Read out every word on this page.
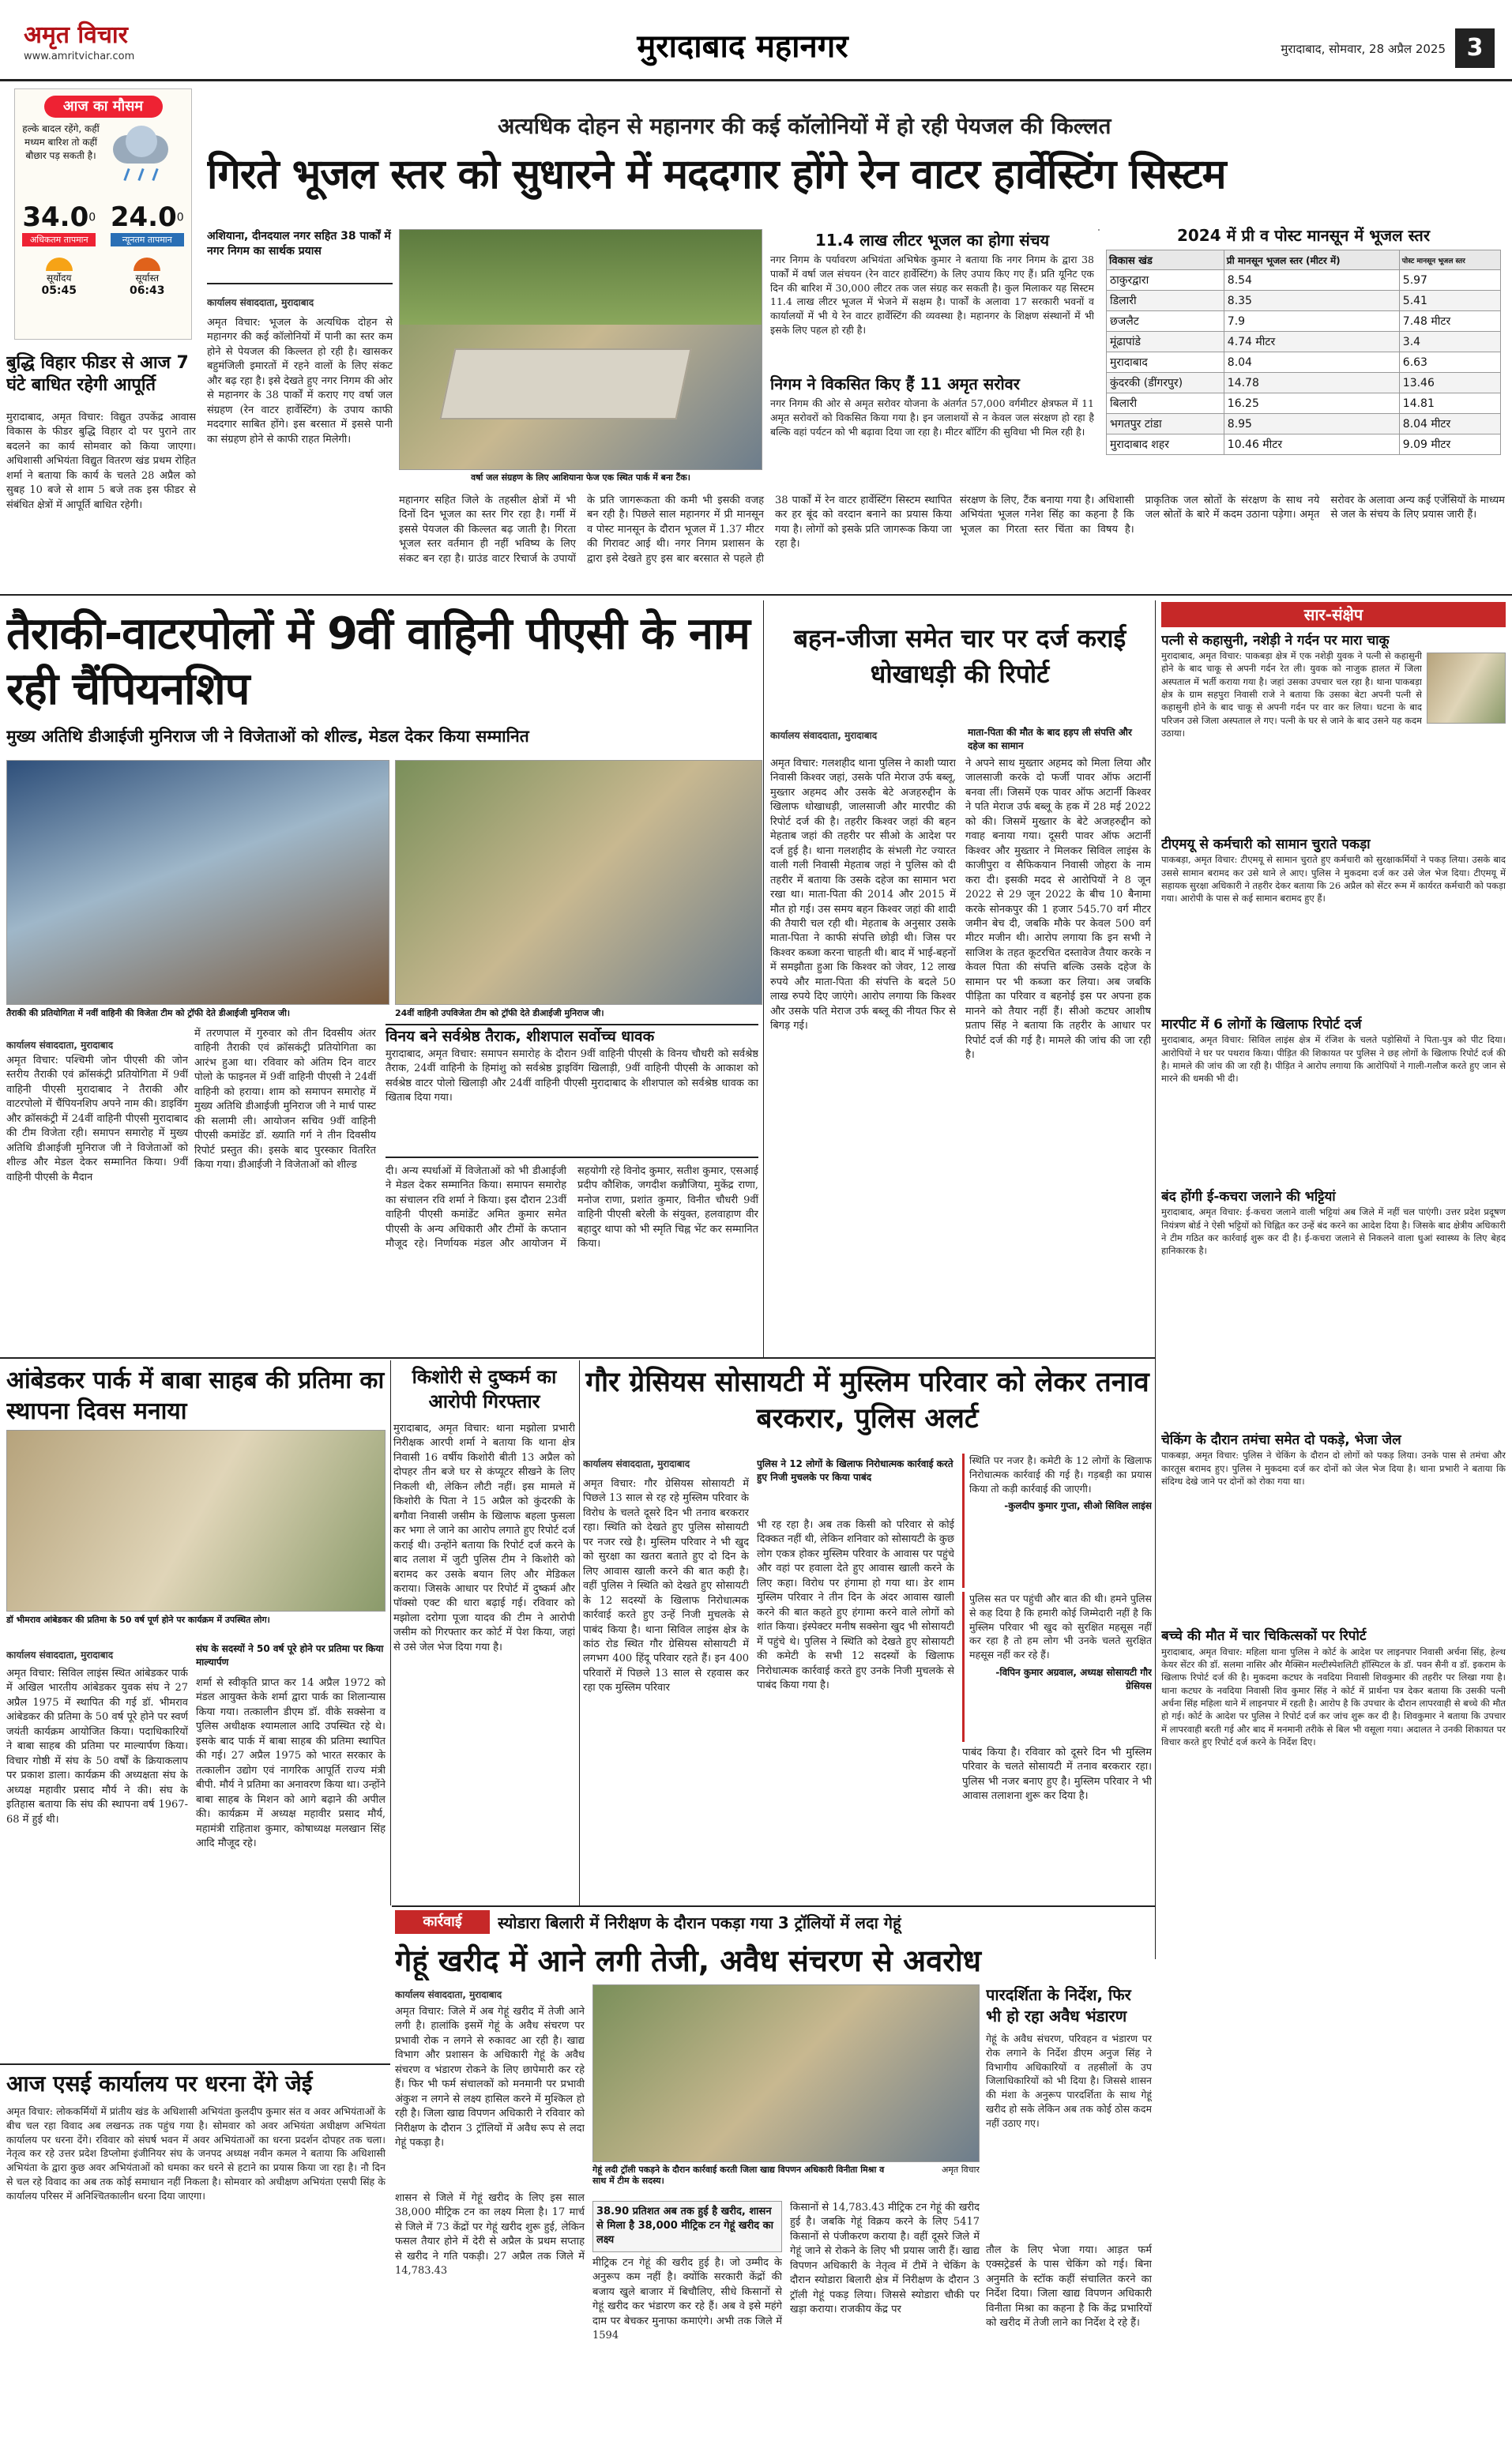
अमृत विचार
www.amritvichar.com	मुरादाबाद महानगर	मुरादाबाद, सोमवार, 28 अप्रैल 2025 3
आज का मौसम
हल्के बादल रहेंगे, कहीं मध्यम बारिश तो कहीं बौछार पड़ सकती है।
34.0$^0$
अधिकतम तापमान
24.0$^0$
न्यूनतम तापमान
सूर्योदय
05:45
सूर्यास्त
06:43
अत्यधिक दोहन से महानगर की कई कॉलोनियों में हो रही पेयजल की किल्लत
गिरते भूजल स्तर को सुधारने में मददगार होंगे रेन वाटर हार्वेस्टिंग सिस्टम
अशियाना, दीनदयाल नगर सहित 38 पार्कों में नगर निगम का सार्थक प्रयास
कार्यालय संवाददाता, मुरादाबाद
अमृत विचार: भूजल के अत्यधिक दोहन से महानगर की कई कॉलोनियों में पानी का स्तर कम होने से पेयजल की किल्लत हो रही है। खासकर बहुमंजिली इमारतों में रहने वालों के लिए संकट और बढ़ रहा है। इसे देखते हुए नगर निगम की ओर से महानगर के 38 पार्कों में कराए गए वर्षा जल संग्रहण (रेन वाटर हार्वेस्टिंग) के उपाय काफी मददगार साबित होंगे। इस बरसात में इससे पानी का संग्रहण होने से काफी राहत मिलेगी।
वर्षा जल संग्रहण के लिए आशियाना फेज एक स्थित पार्क में बना टैंक।
महानगर सहित जिले के तहसील क्षेत्रों में भी दिनों दिन भूजल का स्तर गिर रहा है। गर्मी में इससे पेयजल की किल्लत बढ़ जाती है। गिरता भूजल स्तर वर्तमान ही नहीं भविष्य के लिए संकट बन रहा है। ग्राउंड वाटर रिचार्ज के उपायों के प्रति जागरूकता की कमी भी इसकी वजह बन रही है। पिछले साल महानगर में प्री मानसून व पोस्ट मानसून के दौरान भूजल में 1.37 मीटर की गिरावट आई थी। नगर निगम प्रशासन के द्वारा इसे देखते हुए इस बार बरसात से पहले ही 38 पार्कों में रेन वाटर हार्वेस्टिंग सिस्टम स्थापित कर हर बूंद को वरदान बनाने का प्रयास किया गया है। लोगों को इसके प्रति जागरूक किया जा रहा है।
11.4 लाख लीटर भूजल का होगा संचय
नगर निगम के पर्यावरण अभियंता अभिषेक कुमार ने बताया कि नगर निगम के द्वारा 38 पार्कों में वर्षा जल संचयन (रेन वाटर हार्वेस्टिंग) के लिए उपाय किए गए हैं। प्रति यूनिट एक दिन की बारिश में 30,000 लीटर तक जल संग्रह कर सकती है। कुल मिलाकर यह सिस्टम 11.4 लाख लीटर भूजल में भेजने में सक्षम है। पार्कों के अलावा 17 सरकारी भवनों व कार्यालयों में भी ये रेन वाटर हार्वेस्टिंग की व्यवस्था है। महानगर के शिक्षण संस्थानों में भी इसके लिए पहल हो रही है।
निगम ने विकसित किए हैं 11 अमृत सरोवर
नगर निगम की ओर से अमृत सरोवर योजना के अंतर्गत 57,000 वर्गमीटर क्षेत्रफल में 11 अमृत सरोवरों को विकसित किया गया है। इन जलाशयों से न केवल जल संरक्षण हो रहा है बल्कि वहां पर्यटन को भी बढ़ावा दिया जा रहा है। मीटर बॉटिंग की सुविधा भी मिल रही है।
2024 में प्री व पोस्ट मानसून में भूजल स्तर
विकास खंड	प्री मानसून भूजल स्तर (मीटर में)	पोस्ट मानसून भूजल स्तर
ठाकुरद्वारा	8.54	5.97
डिलारी	8.35	5.41
छजलैट	7.9	7.48 मीटर
मूंढापांडे	4.74 मीटर	3.4
मुरादाबाद	8.04	6.63
कुंदरकी (डींगरपुर)	14.78	13.46
बिलारी	16.25	14.81
भगतपुर टांडा	8.95	8.04 मीटर
मुरादाबाद शहर	10.46 मीटर	9.09 मीटर
संरक्षण के लिए, टैंक बनाया गया है। अधिशासी अभियंता भूजल गनेश सिंह का कहना है कि भूजल का गिरता स्तर चिंता का विषय है। प्राकृतिक जल स्रोतों के संरक्षण के साथ नये जल स्रोतों के बारे में कदम उठाना पड़ेगा। अमृत सरोवर के अलावा अन्य कई एजेंसियों के माध्यम से जल के संचय के लिए प्रयास जारी हैं।
बुद्धि विहार फीडर से आज 7 घंटे बाधित रहेगी आपूर्ति
मुरादाबाद, अमृत विचार: विद्युत उपकेंद्र आवास विकास के फीडर बुद्धि विहार दो पर पुराने तार बदलने का कार्य सोमवार को किया जाएगा। अधिशासी अभियंता विद्युत वितरण खंड प्रथम रोहित शर्मा ने बताया कि कार्य के चलते 28 अप्रैल को सुबह 10 बजे से शाम 5 बजे तक इस फीडर से संबंधित क्षेत्रों में आपूर्ति बाधित रहेगी।
तैराकी-वाटरपोलों में 9वीं वाहिनी पीएसी के नाम रही चैंपियनशिप
मुख्य अतिथि डीआईजी मुनिराज जी ने विजेताओं को शील्ड, मेडल देकर किया सम्मानित
तैराकी की प्रतियोगिता में नवीं वाहिनी की विजेता टीम को ट्रॉफी देते डीआईजी मुनिराज जी।	24वीं वाहिनी उपविजेता टीम को ट्रॉफी देते डीआईजी मुनिराज जी।
कार्यालय संवाददाता, मुरादाबाद
अमृत विचार: पश्चिमी जोन पीएसी की जोन स्तरीय तैराकी एवं क्रॉसकंट्री प्रतियोगिता में 9वीं वाहिनी पीएसी मुरादाबाद ने तैराकी और वाटरपोलो में चैंपियनशिप अपने नाम की। डाइविंग और क्रॉसकंट्री में 24वीं वाहिनी पीएसी मुरादाबाद की टीम विजेता रही। समापन समारोह में मुख्य अतिथि डीआईजी मुनिराज जी ने विजेताओं को शील्ड और मेडल देकर सम्मानित किया। 9वीं वाहिनी पीएसी के मैदान
में तरणपाल में गुरुवार को तीन दिवसीय अंतर वाहिनी तैराकी एवं क्रॉसकंट्री प्रतियोगिता का आरंभ हुआ था। रविवार को अंतिम दिन वाटर पोलो के फाइनल में 9वीं वाहिनी पीएसी ने 24वीं वाहिनी को हराया। शाम को समापन समारोह में मुख्य अतिथि डीआईजी मुनिराज जी ने मार्च पास्ट की सलामी ली। आयोजन सचिव 9वीं वाहिनी पीएसी कमांडेंट डॉ. ख्याति गर्ग ने तीन दिवसीय रिपोर्ट प्रस्तुत की। इसके बाद पुरस्कार वितरित किया गया। डीआईजी ने विजेताओं को शील्ड
विनय बने सर्वश्रेष्ठ तैराक, शीशपाल सर्वोच्च धावक
मुरादाबाद, अमृत विचार: समापन समारोह के दौरान 9वीं वाहिनी पीएसी के विनय चौधरी को सर्वश्रेष्ठ तैराक, 24वीं वाहिनी के हिमांशु को सर्वश्रेष्ठ ड्राइविंग खिलाड़ी, 9वीं वाहिनी पीएसी के आकाश को सर्वश्रेष्ठ वाटर पोलो खिलाड़ी और 24वीं वाहिनी पीएसी मुरादाबाद के शीशपाल को सर्वश्रेष्ठ धावक का खिताब दिया गया।
दी। अन्य स्पर्धाओं में विजेताओं को भी डीआईजी ने मेडल देकर सम्मानित किया। समापन समारोह का संचालन रवि शर्मा ने किया। इस दौरान 23वीं वाहिनी पीएसी कमांडेंट अमित कुमार समेत पीएसी के अन्य अधिकारी और टीमों के कप्तान मौजूद रहे। निर्णायक मंडल और आयोजन में सहयोगी रहे विनोद कुमार, सतीश कुमार, एसआई प्रदीप कौशिक, जगदीश कन्नौजिया, मुकेंद्र राणा, मनोज राणा, प्रशांत कुमार, विनीत चौधरी 9वीं वाहिनी पीएसी बरेली के संयुक्त, हलवाहाण वीर बहादुर थापा को भी स्मृति चिह्न भेंट कर सम्मानित किया।
बहन-जीजा समेत चार पर दर्ज कराई धोखाधड़ी की रिपोर्ट
कार्यालय संवाददाता, मुरादाबाद	माता-पिता की मौत के बाद हड़प ली संपत्ति और दहेज का सामान
अमृत विचार: गलशहीद थाना पुलिस ने काशी प्यारा निवासी किश्वर जहां, उसके पति मेराज उर्फ बब्लू, मुख्तार अहमद और उसके बेटे अजहरुद्दीन के खिलाफ धोखाधड़ी, जालसाजी और मारपीट की रिपोर्ट दर्ज की है। तहरीर किश्वर जहां की बहन मेहताब जहां की तहरीर पर सीओ के आदेश पर दर्ज हुई है। थाना गलशहीद के संभली गेट ज्यारत वाली गली निवासी मेहताब जहां ने पुलिस को दी तहरीर में बताया कि उसके दहेज का सामान भरा रखा था। माता-पिता की 2014 और 2015 में मौत हो गई। उस समय बहन किश्वर जहां की शादी की तैयारी चल रही थी। मेहताब के अनुसार उसके माता-पिता ने काफी संपत्ति छोड़ी थी। जिस पर किश्वर कब्जा करना चाहती थी। बाद में भाई-बहनों में समझौता हुआ कि किश्वर को जेवर, 12 लाख रुपये और माता-पिता की संपत्ति के बदले 50 लाख रुपये दिए जाएंगे। आरोप लगाया कि किश्वर और उसके पति मेराज उर्फ बब्लू की नीयत फिर से बिगड़ गई।
ने अपने साथ मुख्तार अहमद को मिला लिया और जालसाजी करके दो फर्जी पावर ऑफ अटार्नी बनवा लीं। जिसमें एक पावर ऑफ अटार्नी किश्वर ने पति मेराज उर्फ बब्लू के हक में 28 मई 2022 को की। जिसमें मुख्तार के बेटे अजहरुद्दीन को गवाह बनाया गया। दूसरी पावर ऑफ अटार्नी किश्वर और मुख्तार ने मिलकर सिविल लाइंस के काजीपुरा व सैफिकयान निवासी जोहरा के नाम करा दी। इसकी मदद से आरोपियों ने 8 जून 2022 से 29 जून 2022 के बीच 10 बैनामा करके सोनकपुर की 1 हजार 545.70 वर्ग मीटर जमीन बेच दी, जबकि मौके पर केवल 500 वर्ग मीटर मजीन थी। आरोप लगाया कि इन सभी ने साजिश के तहत कूटरचित दस्तावेज तैयार करके न केवल पिता की संपत्ति बल्कि उसके दहेज के सामान पर भी कब्जा कर लिया। अब जबकि पीड़िता का परिवार व बहनोई इस पर अपना हक मानने को तैयार नहीं हैं। सीओ कटघर आशीष प्रताप सिंह ने बताया कि तहरीर के आधार पर रिपोर्ट दर्ज की गई है। मामले की जांच की जा रही है।
सार-संक्षेप
पत्नी से कहासुनी, नशेड़ी ने गर्दन पर मारा चाकू
मुरादाबाद, अमृत विचार: पाकबड़ा क्षेत्र में एक नशेड़ी युवक ने पत्नी से कहासुनी होने के बाद चाकू से अपनी गर्दन रेत ली। युवक को नाजुक हालत में जिला अस्पताल में भर्ती कराया गया है। जहां उसका उपचार चल रहा है। थाना पाकबड़ा क्षेत्र के ग्राम सहपुरा निवासी राजे ने बताया कि उसका बेटा अपनी पत्नी से कहासुनी होने के बाद चाकू से अपनी गर्दन पर वार कर लिया। घटना के बाद परिजन उसे जिला अस्पताल ले गए। पत्नी के घर से जाने के बाद उसने यह कदम उठाया।
टीएमयू से कर्मचारी को सामान चुराते पकड़ा
पाकबड़ा, अमृत विचार: टीएमयू से सामान चुराते हुए कर्मचारी को सुरक्षाकर्मियों ने पकड़ लिया। उसके बाद उससे सामान बरामद कर उसे थाने ले आए। पुलिस ने मुकदमा दर्ज कर उसे जेल भेज दिया। टीएमयू में सहायक सुरक्षा अधिकारी ने तहरीर देकर बताया कि 26 अप्रैल को सेंटर रूम में कार्यरत कर्मचारी को पकड़ा गया। आरोपी के पास से कई सामान बरामद हुए हैं।
मारपीट में 6 लोगों के खिलाफ रिपोर्ट दर्ज
मुरादाबाद, अमृत विचार: सिविल लाइंस क्षेत्र में रंजिश के चलते पड़ोसियों ने पिता-पुत्र को पीट दिया। आरोपियों ने घर पर पथराव किया। पीड़ित की शिकायत पर पुलिस ने छह लोगों के खिलाफ रिपोर्ट दर्ज की है। मामले की जांच की जा रही है। पीड़ित ने आरोप लगाया कि आरोपियों ने गाली-गलौज करते हुए जान से मारने की धमकी भी दी।
बंद होंगी ई-कचरा जलाने की भट्टियां
मुरादाबाद, अमृत विचार: ई-कचरा जलाने वाली भट्टियां अब जिले में नहीं चल पाएंगी। उत्तर प्रदेश प्रदूषण नियंत्रण बोर्ड ने ऐसी भट्टियों को चिह्नित कर उन्हें बंद करने का आदेश दिया है। जिसके बाद क्षेत्रीय अधिकारी ने टीम गठित कर कार्रवाई शुरू कर दी है। ई-कचरा जलाने से निकलने वाला धुआं स्वास्थ्य के लिए बेहद हानिकारक है।
चेकिंग के दौरान तमंचा समेत दो पकड़े, भेजा जेल
पाकबड़ा, अमृत विचार: पुलिस ने चेकिंग के दौरान दो लोगों को पकड़ लिया। उनके पास से तमंचा और कारतूस बरामद हुए। पुलिस ने मुकदमा दर्ज कर दोनों को जेल भेज दिया है। थाना प्रभारी ने बताया कि संदिग्ध देखे जाने पर दोनों को रोका गया था।
बच्चे की मौत में चार चिकित्सकों पर रिपोर्ट
मुरादाबाद, अमृत विचार: महिला थाना पुलिस ने कोर्ट के आदेश पर लाइनपार निवासी अर्चना सिंह, हेल्थ केयर सेंटर की डॉ. सलमा नासिर और मैक्सिन मल्टीस्पेशलिटी हॉस्पिटल के डॉ. पवन सैनी व डॉ. इकराम के खिलाफ रिपोर्ट दर्ज की है। मुकदमा कटघर के नवदिया निवासी शिवकुमार की तहरीर पर लिखा गया है। थाना कटघर के नवदिया निवासी शिव कुमार सिंह ने कोर्ट में प्रार्थना पत्र देकर बताया कि उसकी पत्नी अर्चना सिंह महिला थाने में लाइनपार में रहती है। आरोप है कि उपचार के दौरान लापरवाही से बच्चे की मौत हो गई। कोर्ट के आदेश पर पुलिस ने रिपोर्ट दर्ज कर जांच शुरू कर दी है। शिवकुमार ने बताया कि उपचार में लापरवाही बरती गई और बाद में मनमानी तरीके से बिल भी वसूला गया। अदालत ने उनकी शिकायत पर विचार करते हुए रिपोर्ट दर्ज करने के निर्देश दिए।
आंबेडकर पार्क में बाबा साहब की प्रतिमा का स्थापना दिवस मनाया
डॉ भीमराव आंबेडकर की प्रतिमा के 50 वर्ष पूर्ण होने पर कार्यक्रम में उपस्थित लोग।
कार्यालय संवाददाता, मुरादाबाद
संघ के सदस्यों ने 50 वर्ष पूरे होने पर प्रतिमा पर किया माल्यार्पण
अमृत विचार: सिविल लाइंस स्थित आंबेडकर पार्क में अखिल भारतीय आंबेडकर युवक संघ ने 27 अप्रैल 1975 में स्थापित की गई डॉ. भीमराव आंबेडकर की प्रतिमा के 50 वर्ष पूरे होने पर स्वर्ण जयंती कार्यक्रम आयोजित किया। पदाधिकारियों ने बाबा साहब की प्रतिमा पर माल्यार्पण किया। विचार गोष्ठी में संघ के 50 वर्षों के क्रियाकलाप पर प्रकाश डाला। कार्यक्रम की अध्यक्षता संघ के अध्यक्ष महावीर प्रसाद मौर्य ने की। संघ के इतिहास बताया कि संघ की स्थापना वर्ष 1967-68 में हुई थी।
शर्मा से स्वीकृति प्राप्त कर 14 अप्रैल 1972 को मंडल आयुक्त केके शर्मा द्वारा पार्क का शिलान्यास किया गया। तत्कालीन डीएम डॉ. वीके सक्सेना व पुलिस अधीक्षक श्यामलाल आदि उपस्थित रहे थे। इसके बाद पार्क में बाबा साहब की प्रतिमा स्थापित की गई। 27 अप्रैल 1975 को भारत सरकार के तत्कालीन उद्योग एवं नागरिक आपूर्ति राज्य मंत्री बीपी. मौर्य ने प्रतिमा का अनावरण किया था। उन्होंने बाबा साहब के मिशन को आगे बढ़ाने की अपील की। कार्यक्रम में अध्यक्ष महावीर प्रसाद मौर्य, महामंत्री राहिताश कुमार, कोषाध्यक्ष मलखान सिंह आदि मौजूद रहे।
किशोरी से दुष्कर्म का आरोपी गिरफ्तार
मुरादाबाद, अमृत विचार: थाना मझोला प्रभारी निरीक्षक आरपी शर्मा ने बताया कि थाना क्षेत्र निवासी 16 वर्षीय किशोरी बीती 13 अप्रैल को दोपहर तीन बजे घर से कंप्यूटर सीखने के लिए निकली थी, लेकिन लौटी नहीं। इस मामले में किशोरी के पिता ने 15 अप्रैल को कुंदरकी के बगौवा निवासी जसीम के खिलाफ बहला फुसला कर भगा ले जाने का आरोप लगाते हुए रिपोर्ट दर्ज कराई थी। उन्होंने बताया कि रिपोर्ट दर्ज करने के बाद तलाश में जुटी पुलिस टीम ने किशोरी को बरामद कर उसके बयान लिए और मेडिकल कराया। जिसके आधार पर रिपोर्ट में दुष्कर्म और पॉक्सो एक्ट की धारा बढ़ाई गई। रविवार को मझोला दरोगा पूजा यादव की टीम ने आरोपी जसीम को गिरफ्तार कर कोर्ट में पेश किया, जहां से उसे जेल भेज दिया गया है।
गौर ग्रेसियस सोसायटी में मुस्लिम परिवार को लेकर तनाव बरकरार, पुलिस अलर्ट
कार्यालय संवाददाता, मुरादाबाद	पुलिस ने 12 लोगों के खिलाफ निरोधात्मक कार्रवाई करते हुए निजी मुचलके पर किया पाबंद
अमृत विचार: गौर ग्रेसियस सोसायटी में पिछले 13 साल से रह रहे मुस्लिम परिवार के विरोध के चलते दूसरे दिन भी तनाव बरकरार रहा। स्थिति को देखते हुए पुलिस सोसायटी पर नजर रखे है। मुस्लिम परिवार ने भी खुद को सुरक्षा का खतरा बताते हुए दो दिन के लिए आवास खाली करने की बात कही है। वहीं पुलिस ने स्थिति को देखते हुए सोसायटी के 12 सदस्यों के खिलाफ निरोधात्मक कार्रवाई करते हुए उन्हें निजी मुचलके से पाबंद किया है। थाना सिविल लाइंस क्षेत्र के कांठ रोड स्थित गौर ग्रेसियस सोसायटी में लगभग 400 हिंदू परिवार रहते हैं। इन 400 परिवारों में पिछले 13 साल से रहवास कर रहा एक मुस्लिम परिवार
भी रह रहा है। अब तक किसी को परिवार से कोई दिक्कत नहीं थी, लेकिन शनिवार को सोसायटी के कुछ लोग एकत्र होकर मुस्लिम परिवार के आवास पर पहुंचे और वहां पर हवाला देते हुए आवास खाली करने के लिए कहा। विरोध पर हंगामा हो गया था। डेर शाम मुस्लिम परिवार ने तीन दिन के अंदर आवास खाली करने की बात कहते हुए हंगामा करने वाले लोगों को शांत किया। इंस्पेक्टर मनीष सक्सेना खुद भी सोसायटी में पहुंचे थे। पुलिस ने स्थिति को देखते हुए सोसायटी की कमेटी के सभी 12 सदस्यों के खिलाफ निरोधात्मक कार्रवाई करते हुए उनके निजी मुचलके से पाबंद किया गया है।
स्थिति पर नजर है। कमेटी के 12 लोगों के खिलाफ निरोधात्मक कार्रवाई की गई है। गड़बड़ी का प्रयास किया तो कड़ी कार्रवाई की जाएगी।
-कुलदीप कुमार गुप्ता, सीओ सिविल लाइंस
पुलिस सत पर पहुंची और बात की थी। हमने पुलिस से कह दिया है कि हमारी कोई जिम्मेदारी नहीं है कि मुस्लिम परिवार भी खुद को सुरक्षित महसूस नहीं कर रहा है तो हम लोग भी उनके चलते सुरक्षित महसूस नहीं कर रहे हैं।
-विपिन कुमार अग्रवाल, अध्यक्ष सोसायटी गौर ग्रेसियस
पाबंद किया है। रविवार को दूसरे दिन भी मुस्लिम परिवार के चलते सोसायटी में तनाव बरकरार रहा। पुलिस भी नजर बनाए हुए है। मुस्लिम परिवार ने भी आवास तलाशना शुरू कर दिया है।
कार्रवाई	स्योडारा बिलारी में निरीक्षण के दौरान पकड़ा गया 3 ट्रॉलियों में लदा गेहूं
गेहूं खरीद में आने लगी तेजी, अवैध संचरण से अवरोध
कार्यालय संवाददाता, मुरादाबाद
अमृत विचार: जिले में अब गेहूं खरीद में तेजी आने लगी है। हालांकि इसमें गेहूं के अवैध संचरण पर प्रभावी रोक न लगने से रुकावट आ रही है। खाद्य विभाग और प्रशासन के अधिकारी गेहूं के अवैध संचरण व भंडारण रोकने के लिए छापेमारी कर रहे हैं। फिर भी फर्म संचालकों को मनमानी पर प्रभावी अंकुश न लगने से लक्ष्य हासिल करने में मुश्किल हो रही है। जिला खाद्य विपणन अधिकारी ने रविवार को निरीक्षण के दौरान 3 ट्रॉलियों में अवैध रूप से लदा गेहूं पकड़ा है।
शासन से जिले में गेहूं खरीद के लिए इस साल 38,000 मीट्रिक टन का लक्ष्य मिला है। 17 मार्च से जिले में 73 केंद्रों पर गेहूं खरीद शुरू हुई, लेकिन फसल तैयार होने में देरी से अप्रैल के प्रथम सप्ताह से खरीद ने गति पकड़ी। 27 अप्रैल तक जिले में 14,783.43
गेहूं लदी ट्रॉली पकड़ने के दौरान कार्रवाई करती जिला खाद्य विपणन अधिकारी विनीता मिश्रा व साथ में टीम के सदस्य।
अमृत विचार
38.90 प्रतिशत अब तक हुई है खरीद, शासन से मिला है 38,000 मीट्रिक टन गेहूं खरीद का लक्ष्य
मीट्रिक टन गेहूं की खरीद हुई है। जो उम्मीद के अनुरूप कम नहीं है। क्योंकि सरकारी केंद्रों की बजाय खुले बाजार में बिचौलिए, सीधे किसानों से गेहूं खरीद कर भंडारण कर रहे हैं। अब वे इसे महंगे दाम पर बेचकर मुनाफा कमाएंगे। अभी तक जिले में 1594
किसानों से 14,783.43 मीट्रिक टन गेहूं की खरीद हुई है। जबकि गेहूं विक्रय करने के लिए 5417 किसानों से पंजीकरण कराया है। वहीं दूसरे जिले में गेहूं जाने से रोकने के लिए भी प्रयास जारी हैं। खाद्य विपणन अधिकारी के नेतृत्व में टीमें ने चेकिंग के दौरान स्योडारा बिलारी क्षेत्र में निरीक्षण के दौरान 3 ट्रॉली गेहूं पकड़ लिया। जिससे स्योडारा चौकी पर खड़ा कराया। राजकीय केंद्र पर
पारदर्शिता के निर्देश, फिर भी हो रहा अवैध भंडारण
गेहूं के अवैध संचरण, परिवहन व भंडारण पर रोक लगाने के निर्देश डीएम अनुज सिंह ने विभागीय अधिकारियों व तहसीलों के उप जिलाधिकारियों को भी दिया है। जिससे शासन की मंशा के अनुरूप पारदर्शिता के साथ गेहूं खरीद हो सके लेकिन अब तक कोई ठोस कदम नहीं उठाए गए।
तौल के लिए भेजा गया। आड़त फर्म एक्सट्रेडर्स के पास चेकिंग को गई। बिना अनुमति के स्टॉक कहीं संचालित करने का निर्देश दिया। जिला खाद्य विपणन अधिकारी विनीता मिश्रा का कहना है कि केंद्र प्रभारियों को खरीद में तेजी लाने का निर्देश दे रहे हैं।
आज एसई कार्यालय पर धरना देंगे जेई
अमृत विचार: लोककर्मियों में प्रांतीय खंड के अधिशासी अभियंता कुलदीप कुमार संत व अवर अभियंताओं के बीच चल रहा विवाद अब लखनऊ तक पहुंच गया है। सोमवार को अवर अभियंता अधीक्षण अभियंता कार्यालय पर धरना देंगे। रविवार को संघर्ष भवन में अवर अभियंताओं का धरना प्रदर्शन दोपहर तक चला। नेतृत्व कर रहे उत्तर प्रदेश डिप्लोमा इंजीनियर संघ के जनपद अध्यक्ष नवीन कमल ने बताया कि अधिशासी अभियंता के द्वारा कुछ अवर अभियंताओं को धमका कर धरने से हटाने का प्रयास किया जा रहा है। नौ दिन से चल रहे विवाद का अब तक कोई समाधान नहीं निकला है। सोमवार को अधीक्षण अभियंता एसपी सिंह के कार्यालय परिसर में अनिश्चितकालीन धरना दिया जाएगा।
